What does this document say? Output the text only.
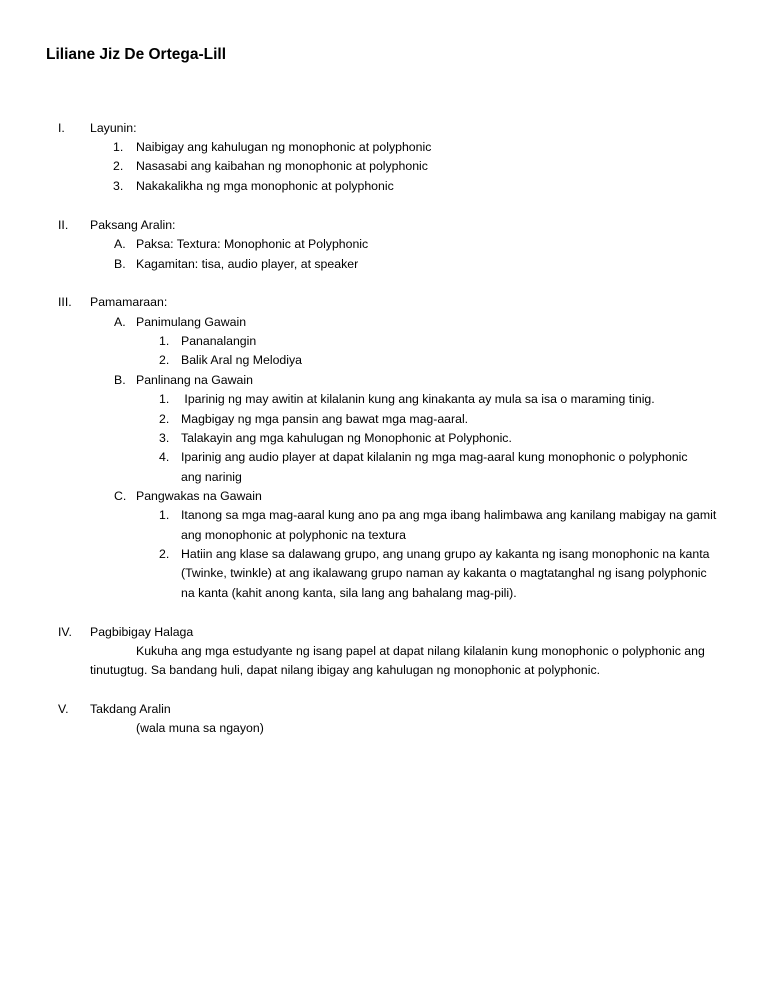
Liliane Jiz De Ortega-Lill
I. Layunin:
1. Naibigay ang kahulugan ng monophonic at polyphonic
2. Nasasabi ang kaibahan ng monophonic at polyphonic
3. Nakakalikha ng mga monophonic at polyphonic
II. Paksang Aralin:
A. Paksa: Textura: Monophonic at Polyphonic
B. Kagamitan: tisa, audio player, at speaker
III. Pamamaraan:
A. Panimulang Gawain
1. Pananalangin
2. Balik Aral ng Melodiya
B. Panlinang na Gawain
1. Iparinig ng may awitin at kilalanin kung ang kinakanta ay mula sa isa o maraming tinig.
2. Magbigay ng mga pansin ang bawat mga mag-aaral.
3. Talakayin ang mga kahulugan ng Monophonic at Polyphonic.
4. Iparinig ang audio player at dapat kilalanin ng mga mag-aaral kung monophonic o polyphonic
ang narinig
C. Pangwakas na Gawain
1. Itanong sa mga mag-aaral kung ano pa ang mga ibang halimbawa ang kanilang mabigay na gamit
ang monophonic at polyphonic na textura
2. Hatiin ang klase sa dalawang grupo, ang unang grupo ay kakanta ng isang monophonic na kanta
(Twinke, twinkle) at ang ikalawang grupo naman ay kakanta o magtatanghal ng isang polyphonic
na kanta (kahit anong kanta, sila lang ang bahalang mag-pili).
IV. Pagbibigay Halaga
Kukuha ang mga estudyante ng isang papel at dapat nilang kilalanin kung monophonic o polyphonic ang
tinutugtug. Sa bandang huli, dapat nilang ibigay ang kahulugan ng monophonic at polyphonic.
V. Takdang Aralin
(wala muna sa ngayon)
